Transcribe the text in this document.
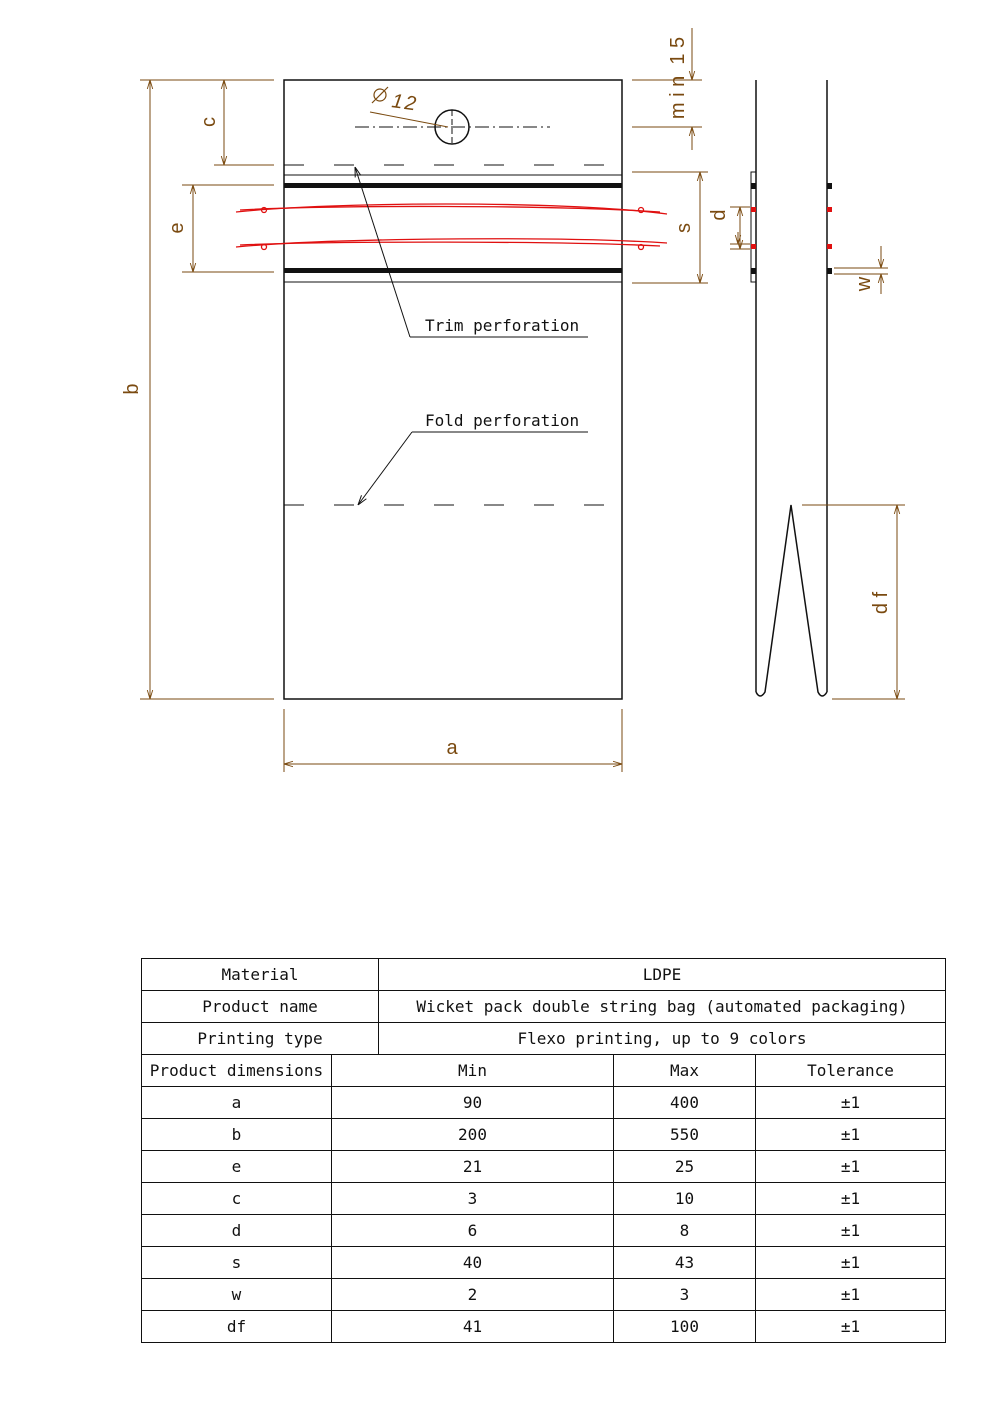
b
c
e
a
m i n  1 5
s
d
w
d f
12
Trim perforation
Fold perforation
Material		LDPE		
Product name		Wicket pack double string bag (automated packaging)		
Printing type		Flexo printing, up to 9 colors		
Product dimensions	Min		Max	Tolerance
a	90		400	±1
b	200		550	±1
e	21		25	±1
c	3		10	±1
d	6		8	±1
s	40		43	±1
w	2		3	±1
df	41		100	±1
